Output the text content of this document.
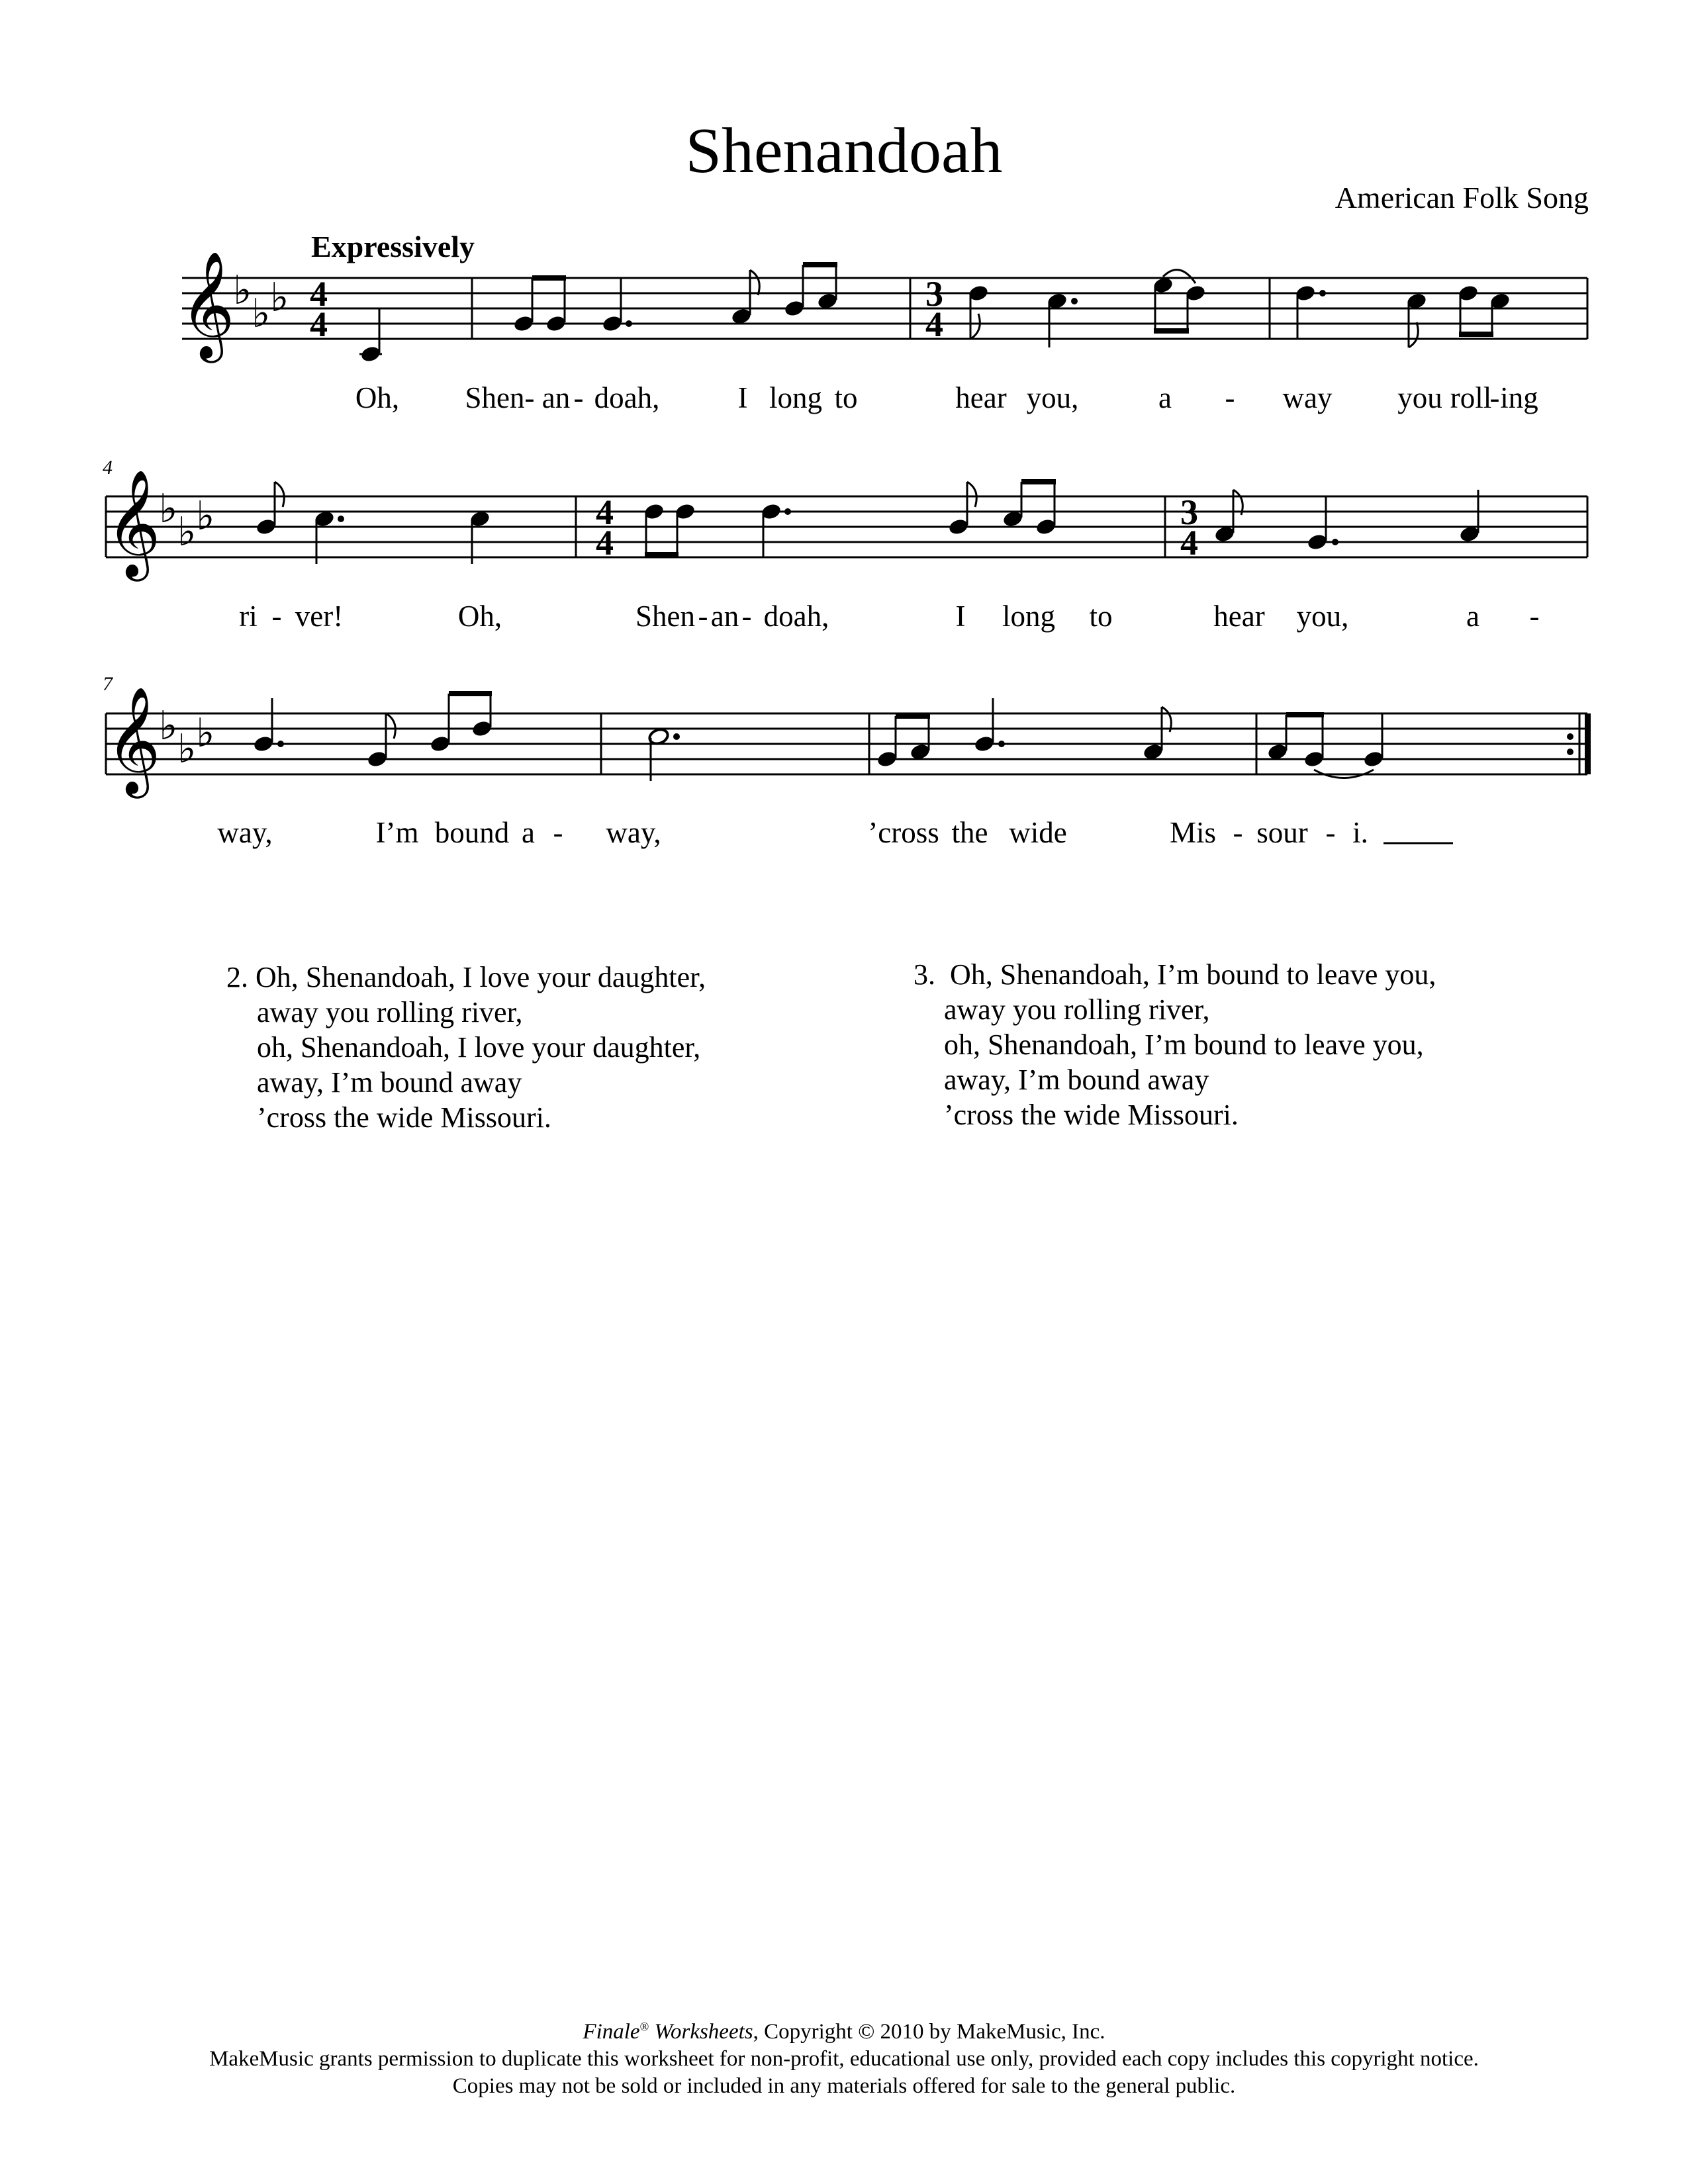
Shenandoah
American Folk Song
Expressively
𝄞
♭ ♭ ♭ 4
4
3
4
Oh, Shen- an - doah,	I long to	hear you,	a - way you roll
- ing
4
𝄞
♭ ♭ ♭	4
4
3
4
ri - ver!	Oh,	Shen - an - doah,	I long to	hear you,	a -
7
𝄞
♭ ♭ ♭
way,	I’m bound a - way,	’cross the wide	Mis - sour - i.
2. Oh, Shenandoah, I love your daughter,
away you rolling river,
oh, Shenandoah, I love your daughter,
away, I’m bound away
’cross the wide Missouri.
3. Oh, Shenandoah, I’m bound to leave you,
away you rolling river,
oh, Shenandoah, I’m bound to leave you,
away, I’m bound away
’cross the wide Missouri.
Finale® Worksheets, Copyright © 2010 by MakeMusic, Inc.
MakeMusic grants permission to duplicate this worksheet for non-profit, educational use only, provided each copy includes this copyright notice.
Copies may not be sold or included in any materials offered for sale to the general public.
